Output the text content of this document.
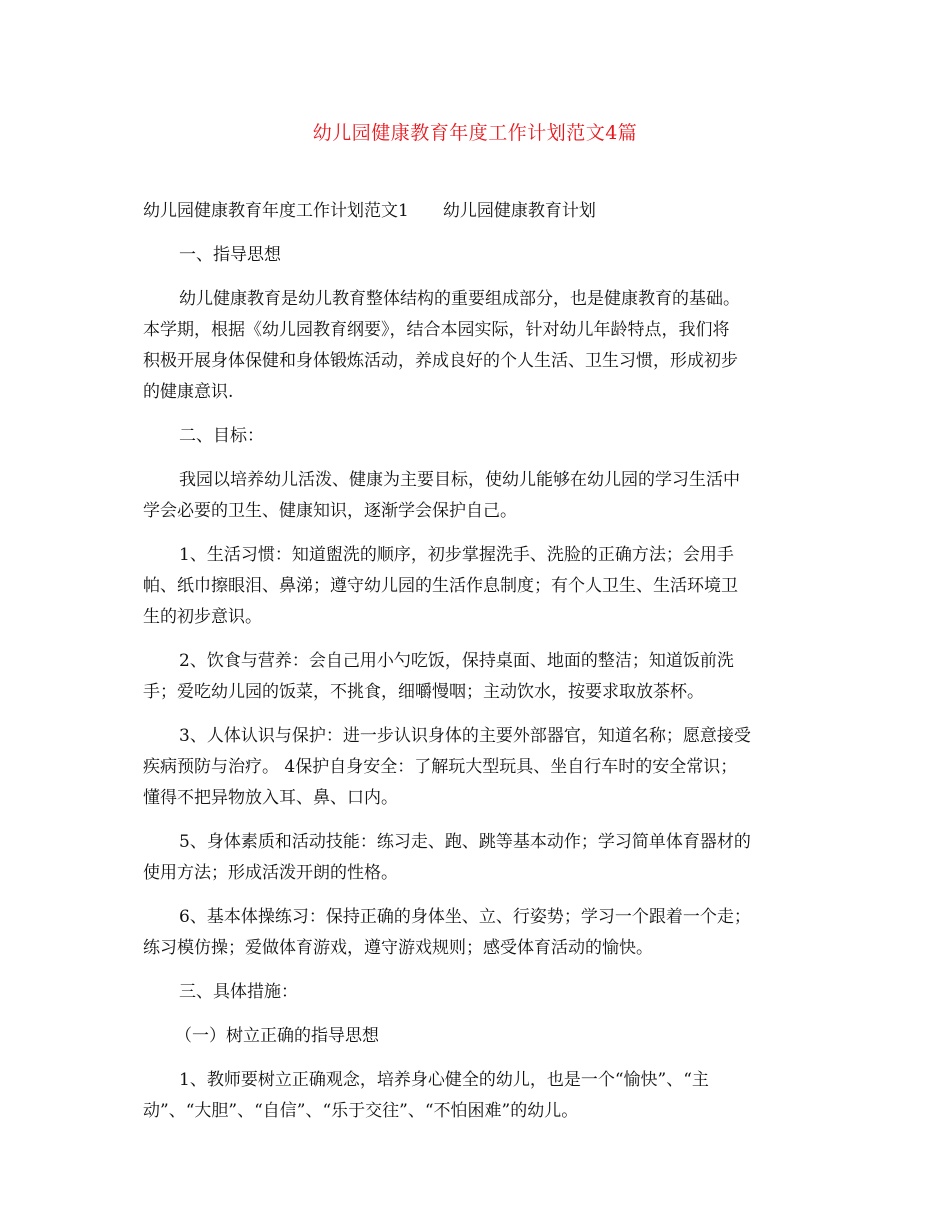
幼儿园健康教育年度工作计划范文4篇

幼儿园健康教育年度工作计划范文1 幼儿园健康教育计划

一、指导思想

幼儿健康教育是幼儿教育整体结构的重要组成部分，也是健康教育的基础。

本学期，根据《幼儿园教育纲要》，结合本园实际，针对幼儿年龄特点，我们将

积极开展身体保健和身体锻炼活动，养成良好的个人生活、卫生习惯，形成初步

的健康意识.

二、目标：

我园以培养幼儿活泼、健康为主要目标，使幼儿能够在幼儿园的学习生活中

学会必要的卫生、健康知识，逐渐学会保护自己。

1、生活习惯：知道盥洗的顺序，初步掌握洗手、洗脸的正确方法；会用手

帕、纸巾擦眼泪、鼻涕；遵守幼儿园的生活作息制度；有个人卫生、生活环境卫

生的初步意识。

2、饮食与营养：会自己用小勺吃饭，保持桌面、地面的整洁；知道饭前洗

手；爱吃幼儿园的饭菜，不挑食，细嚼慢咽；主动饮水，按要求取放茶杯。

3、人体认识与保护：进一步认识身体的主要外部器官，知道名称；愿意接受

疾病预防与治疗。 4保护自身安全：了解玩大型玩具、坐自行车时的安全常识；

懂得不把异物放入耳、鼻、口内。

5、身体素质和活动技能：练习走、跑、跳等基本动作；学习简单体育器材的

使用方法；形成活泼开朗的性格。

6、基本体操练习：保持正确的身体坐、立、行姿势；学习一个跟着一个走；

练习模仿操；爱做体育游戏，遵守游戏规则；感受体育活动的愉快。

三、具体措施：

（一）树立正确的指导思想

1、教师要树立正确观念，培养身心健全的幼儿，也是一个“愉快”、“主

动”、“大胆”、“自信”、“乐于交往”、“不怕困难”的幼儿。
